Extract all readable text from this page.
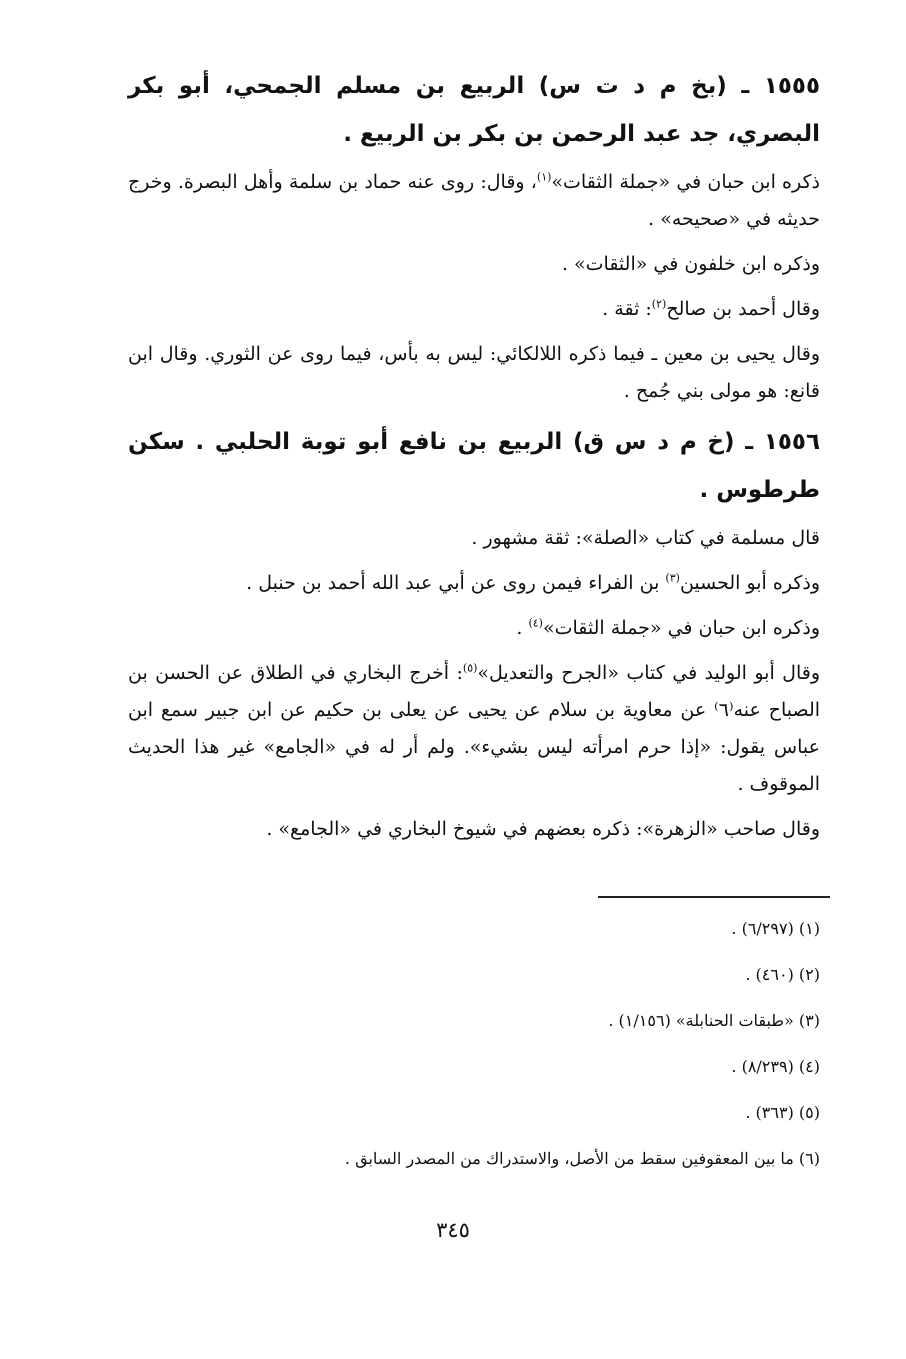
١٥٥٥ ـ (بخ م د ت س) الربيع بن مسلم الجمحي، أبو بكر البصري، جد عبد الرحمن بن بكر بن الربيع .

ذكره ابن حبان في «جملة الثقات»$^{(١)}$، وقال: روى عنه حماد بن سلمة وأهل البصرة. وخرج حديثه في «صحيحه» .

وذكره ابن خلفون في «الثقات» .

وقال أحمد بن صالح$^{(٢)}$: ثقة .

وقال يحيى بن معين ـ فيما ذكره اللالكائي: ليس به بأس، فيما روى عن الثوري. وقال ابن قانع: هو مولى بني جُمح .

١٥٥٦ ـ (خ م د س ق) الربيع بن نافع أبو توبة الحلبي . سكن طرطوس .

قال مسلمة في كتاب «الصلة»: ثقة مشهور .

وذكره أبو الحسين$^{(٣)}$ بن الفراء فيمن روى عن أبي عبد الله أحمد بن حنبل .

وذكره ابن حبان في «جملة الثقات»$^{(٤)}$ .

وقال أبو الوليد في كتاب «الجرح والتعديل»$^{(٥)}$: أخرج البخاري في الطلاق عن الحسن بن الصباح عنه⁽٦⁾ عن معاوية بن سلام عن يحيى عن يعلى بن حكيم عن ابن جبير سمع ابن عباس يقول: «إذا حرم امرأته ليس بشيء». ولم أر له في «الجامع» غير هذا الحديث الموقوف .

وقال صاحب «الزهرة»: ذكره بعضهم في شيوخ البخاري في «الجامع» .

(١) (٦/٢٩٧) .
(٢) (٤٦٠) .
(٣) «طبقات الحنابلة» (١/١٥٦) .
(٤) (٨/٢٣٩) .
(٥) (٣٦٣) .
(٦) ما بين المعقوفين سقط من الأصل، والاستدراك من المصدر السابق .
٣٤٥
